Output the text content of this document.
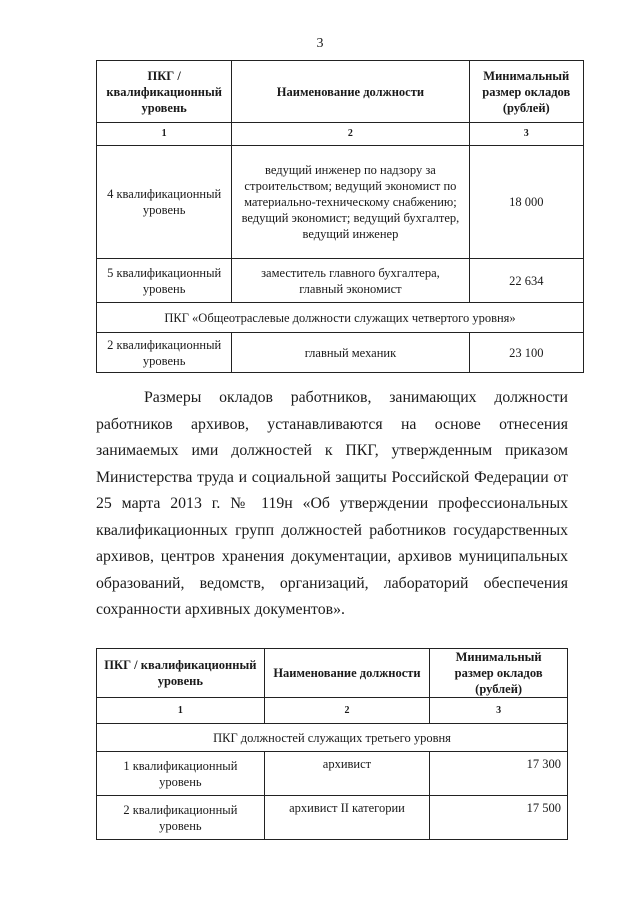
3
ПКГ / квалификационный уровень	Наименование должности	Минимальный размер окладов (рублей)
1	2	3
4 квалификационный уровень	ведущий инженер по надзору за строительством; ведущий экономист по материально-техническому снабжению; ведущий экономист; ведущий бухгалтер, ведущий инженер	18 000
5 квалификационный уровень	заместитель главного бухгалтера, главный экономист	22 634
ПКГ «Общеотраслевые должности служащих четвертого уровня»		
2 квалификационный уровень	главный механик	23 100

Размеры окладов работников, занимающих должности работников архивов, устанавливаются на основе отнесения занимаемых ими должностей к ПКГ, утвержденным приказом Министерства труда и социальной защиты Российской Федерации от 25 марта 2013 г. № 119н «Об утверждении профессиональных квалификационных групп должностей работников государственных архивов, центров хранения документации, архивов муниципальных образований, ведомств, организаций, лабораторий обеспечения сохранности архивных документов».

ПКГ / квалификационный уровень	Наименование должности	Минимальный размер окладов (рублей)
1	2	3
ПКГ должностей служащих третьего уровня		
1 квалификационный уровень	архивист	17 300
2 квалификационный уровень	архивист II категории	17 500
